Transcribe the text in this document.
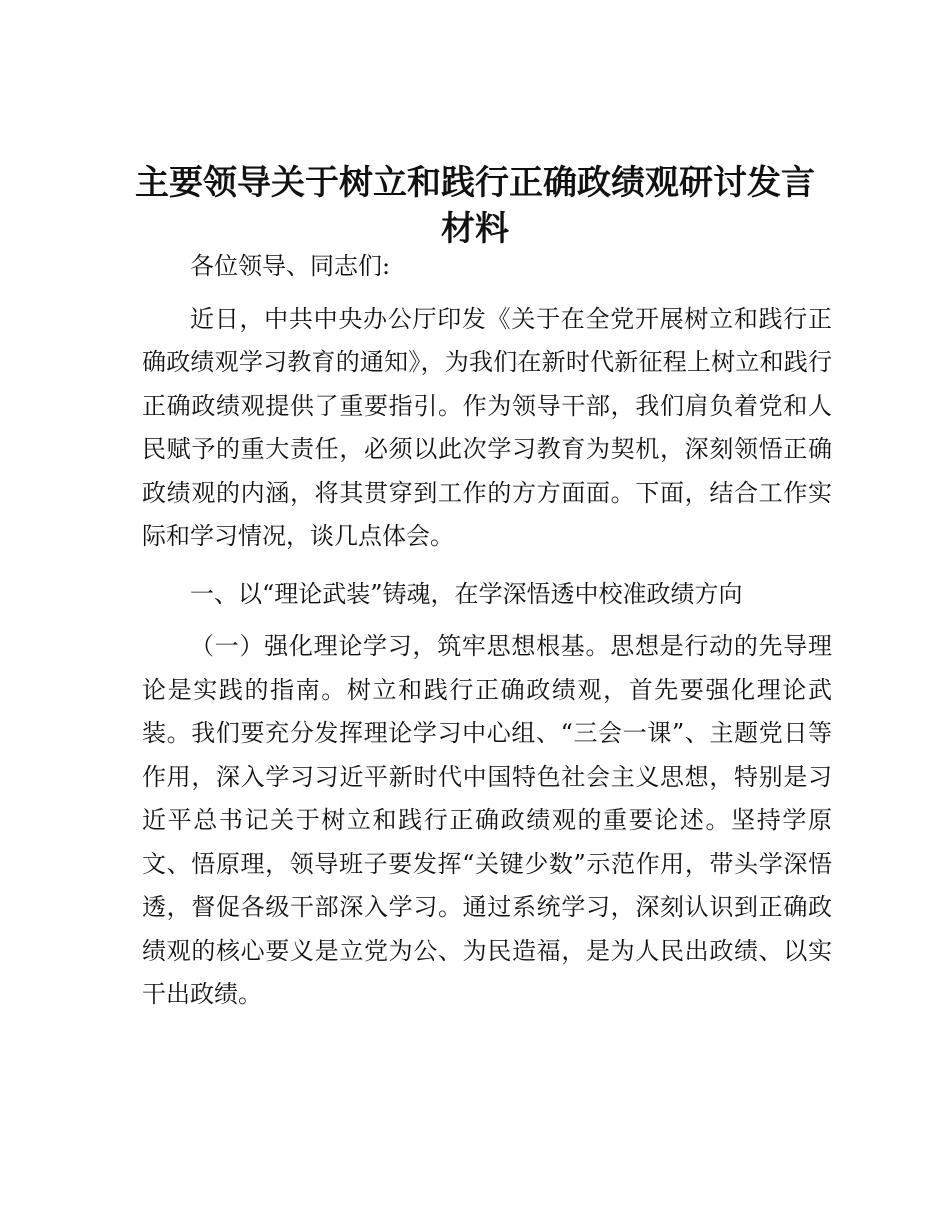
主要领导关于树立和践行正确政绩观研讨发言
材料

各位领导、同志们:

近日，中共中央办公厅印发《关于在全党开展树立和践行正确政绩观学习教育的通知》，为我们在新时代新征程上树立和践行正确政绩观提供了重要指引。作为领导干部，我们肩负着党和人民赋予的重大责任，必须以此次学习教育为契机，深刻领悟正确政绩观的内涵，将其贯穿到工作的方方面面。下面，结合工作实际和学习情况，谈几点体会。

一、以“理论武装”铸魂，在学深悟透中校准政绩方向

（一）强化理论学习，筑牢思想根基。思想是行动的先导理论是实践的指南。树立和践行正确政绩观，首先要强化理论武装。我们要充分发挥理论学习中心组、“三会一课”、主题党日等作用，深入学习习近平新时代中国特色社会主义思想，特别是习近平总书记关于树立和践行正确政绩观的重要论述。坚持学原文、悟原理，领导班子要发挥“关键少数”示范作用，带头学深悟透，督促各级干部深入学习。通过系统学习，深刻认识到正确政绩观的核心要义是立党为公、为民造福，是为人民出政绩、以实干出政绩。
